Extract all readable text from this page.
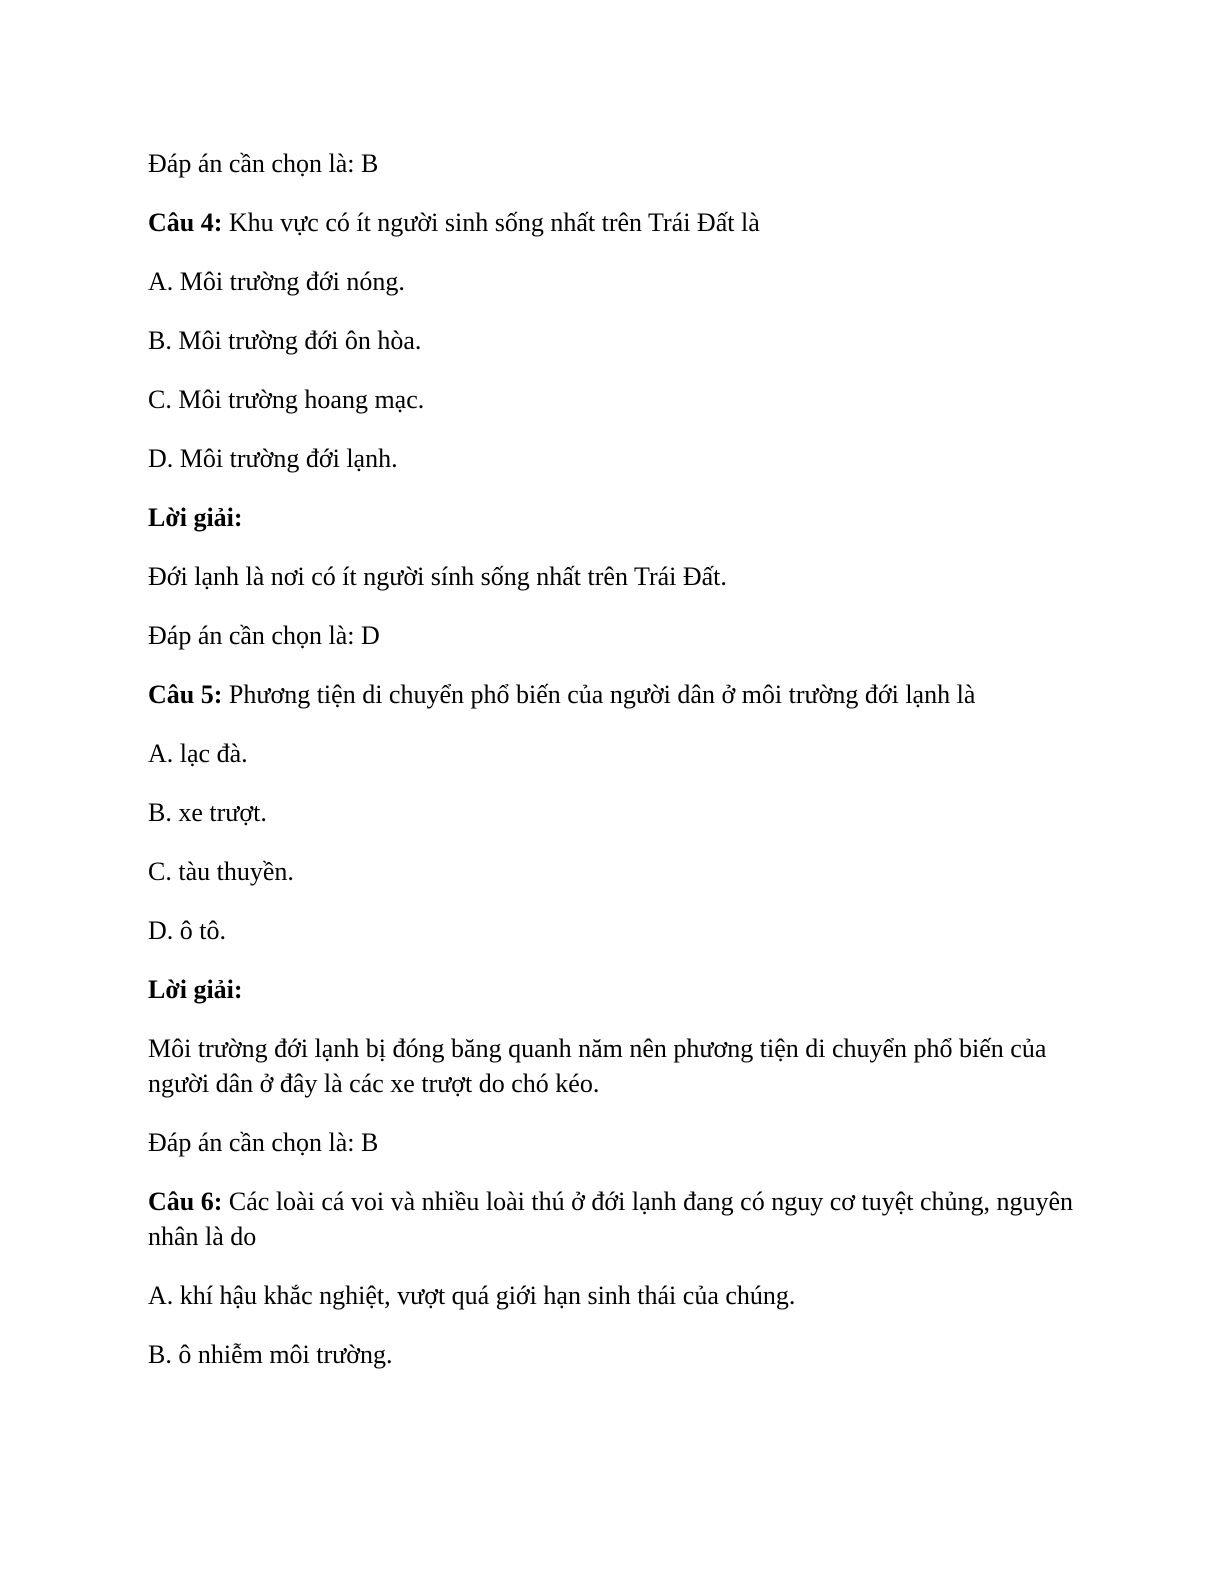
Đáp án cần chọn là: B

Câu 4: Khu vực có ít người sinh sống nhất trên Trái Đất là

A. Môi trường đới nóng.

B. Môi trường đới ôn hòa.

C. Môi trường hoang mạc.

D. Môi trường đới lạnh.

Lời giải:

Đới lạnh là nơi có ít người sính sống nhất trên Trái Đất.

Đáp án cần chọn là: D

Câu 5: Phương tiện di chuyển phổ biến của người dân ở môi trường đới lạnh là

A. lạc đà.

B. xe trượt.

C. tàu thuyền.

D. ô tô.

Lời giải:

Môi trường đới lạnh bị đóng băng quanh năm nên phương tiện di chuyển phổ biến của người dân ở đây là các xe trượt do chó kéo.

Đáp án cần chọn là: B

Câu 6: Các loài cá voi và nhiều loài thú ở đới lạnh đang có nguy cơ tuyệt chủng, nguyên nhân là do

A. khí hậu khắc nghiệt, vượt quá giới hạn sinh thái của chúng.

B. ô nhiễm môi trường.
